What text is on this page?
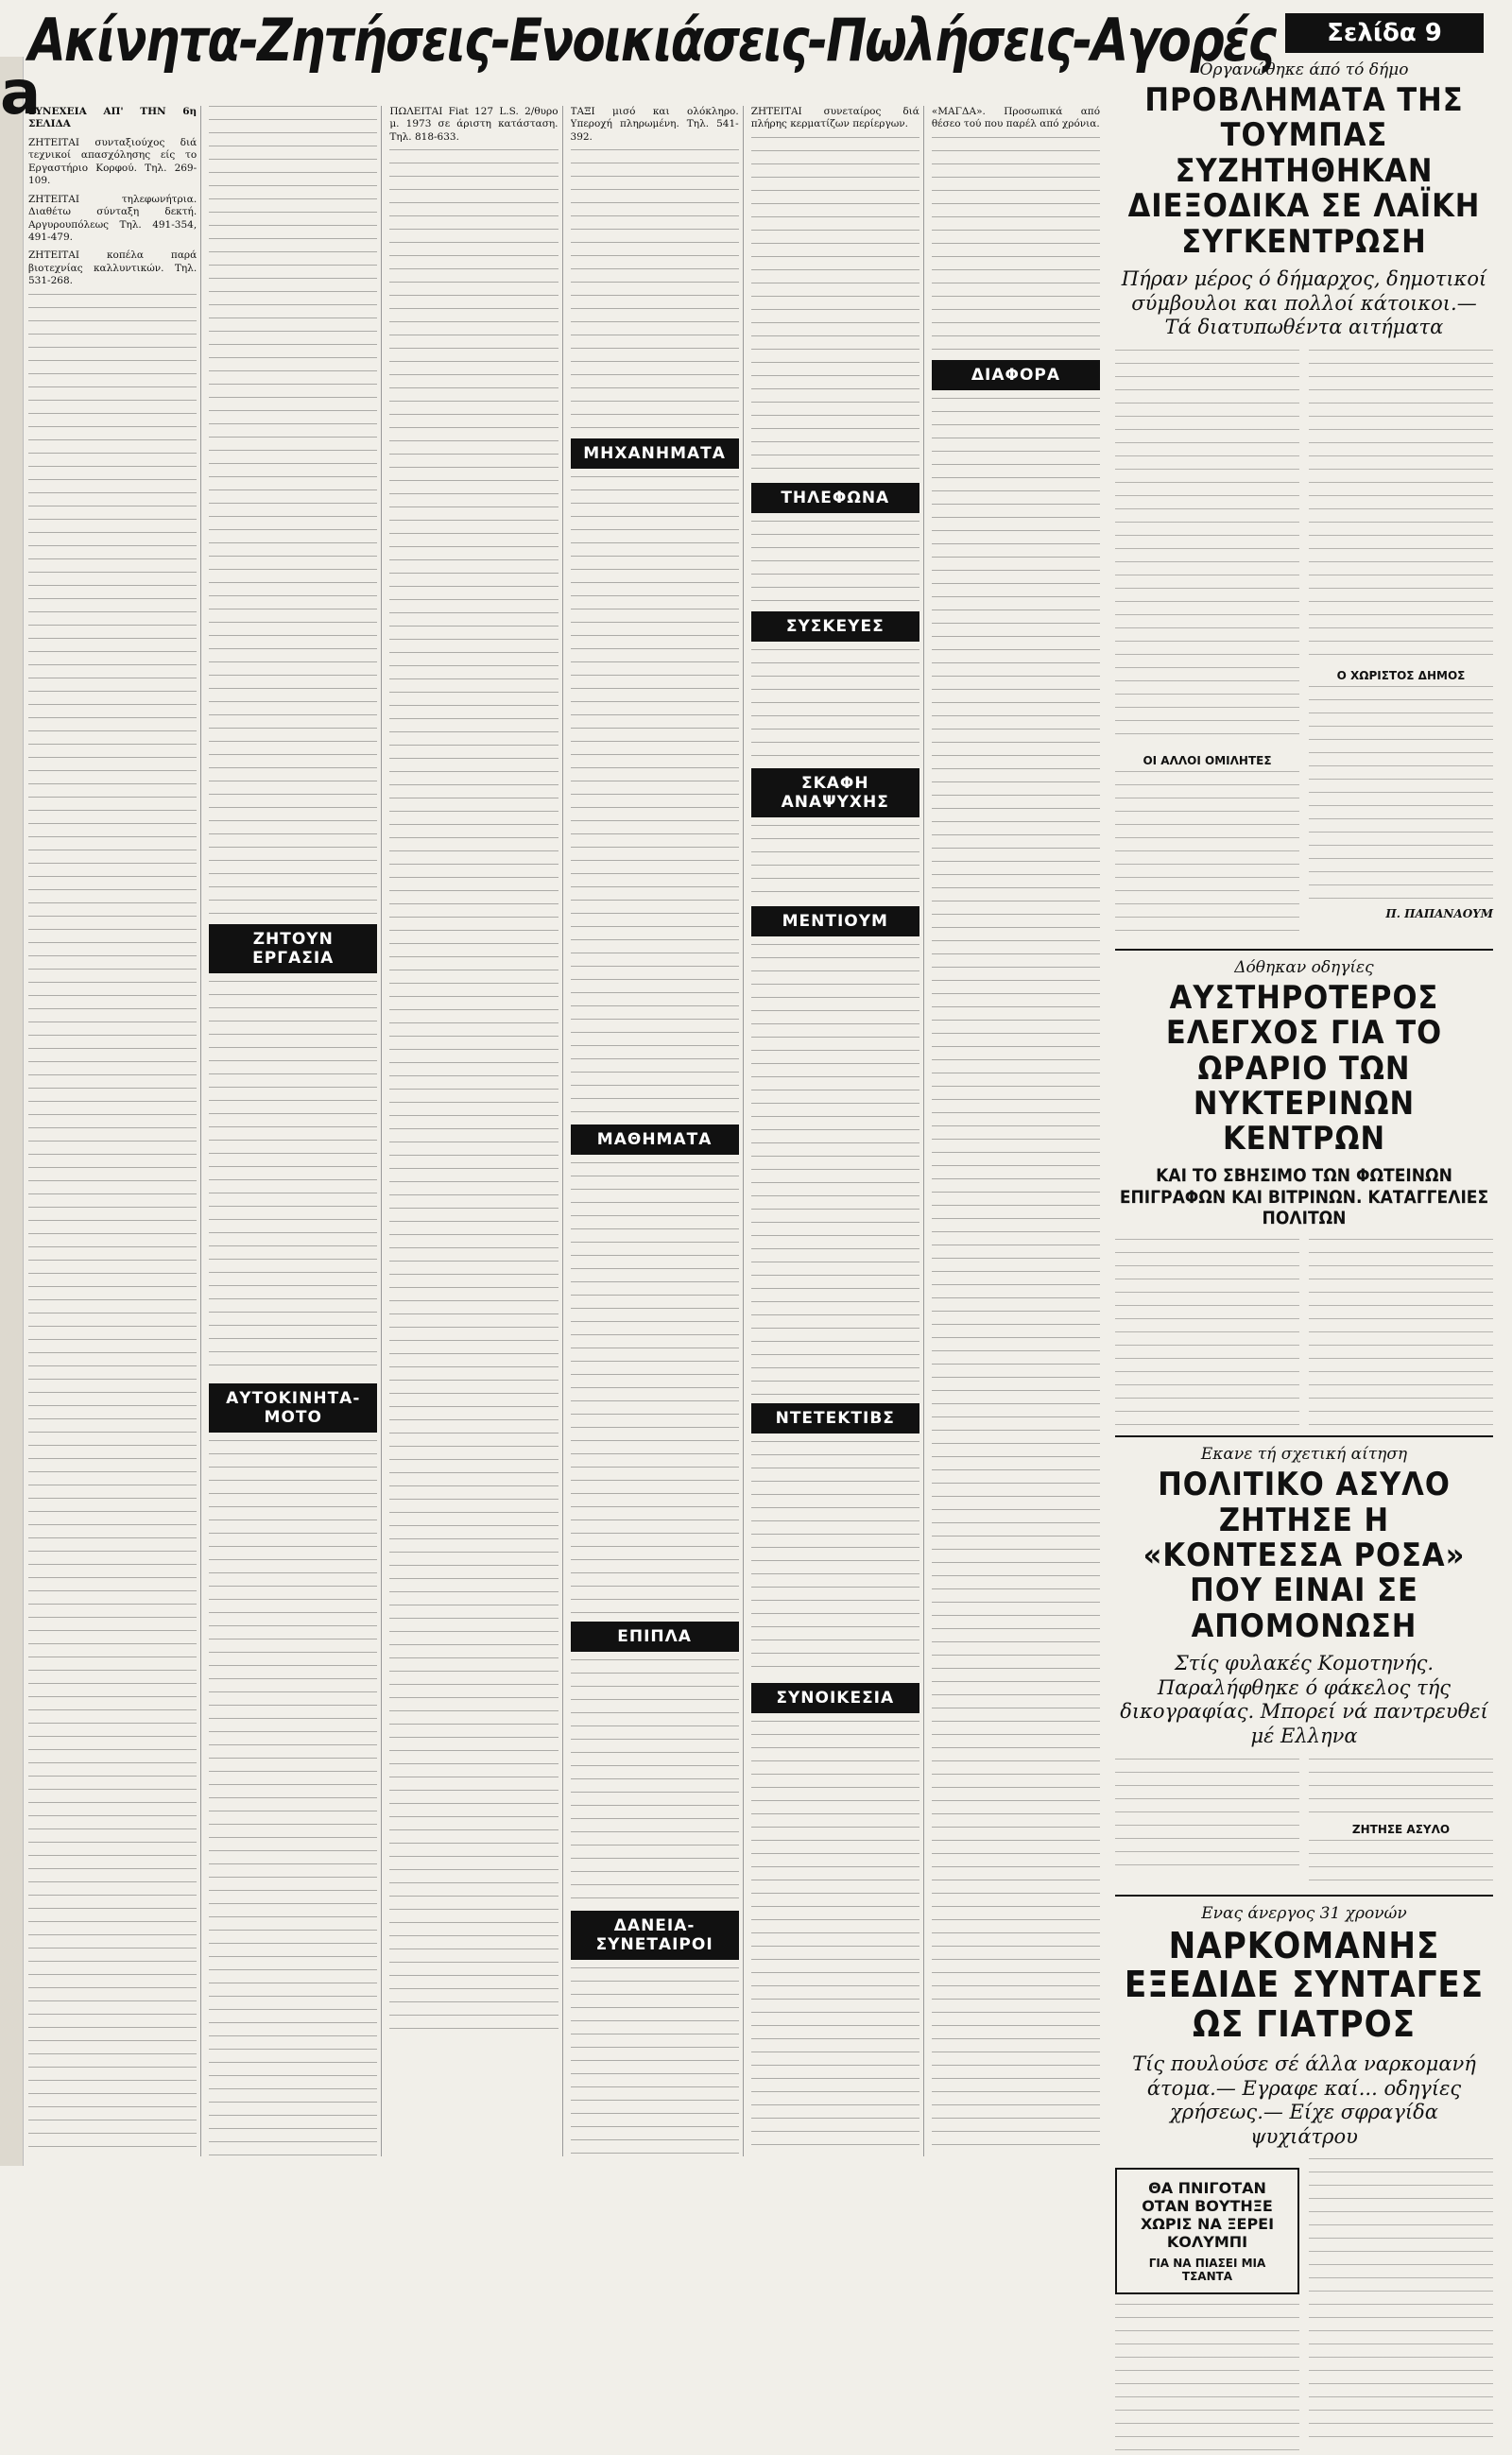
a
Ακίνητα-Ζητήσεις-Ενοικιάσεις-Πωλήσεις-Αγορές	Σελίδα 9

ΣΥΝΕΧΕΙΑ ΑΠ' ΤΗΝ 6η ΣΕΛΙΔΑ

ΖΗΤΕΙΤΑΙ συνταξιούχος διά τεχνικοί απασχόλησης είς το Εργαστήριο Κορφού. Τηλ. 269-109.

ΖΗΤΕΙΤΑΙ τηλεφωνήτρια. Διαθέτω σύνταξη δεκτή. Αργυρουπόλεως Τηλ. 491-354, 491-479.

ΖΗΤΕΙΤΑΙ κοπέλα παρά βιοτεχνίας καλλυντικών. Τηλ. 531-268.

ΖΗΤΟΥΝ ΕΡΓΑΣΙΑ
ΑΥΤΟΚΙΝΗΤΑ-ΜΟΤΟ

ΠΩΛΕΙΤΑΙ Fiat 127 L.S. 2/θυρο μ. 1973 σε άριστη κατάσταση. Τηλ. 818-633.

ΤΑΞΙ μισό και ολόκληρο. Υπεροχή πληρωμένη. Τηλ. 541-392.

ΜΗΧΑΝΗΜΑΤΑ
ΜΑΘΗΜΑΤΑ
ΕΠΙΠΛΑ
ΔΑΝΕΙΑ-ΣΥΝΕΤΑΙΡΟΙ

ΖΗΤΕΙΤΑΙ συνεταίρος διά πλήρης κερματίζων περίεργων.

ΤΗΛΕΦΩΝΑ
ΣΥΣΚΕΥΕΣ
ΣΚΑΦΗ ΑΝΑΨΥΧΗΣ
ΜΕΝΤΙΟΥΜ
ΝΤΕΤΕΚΤΙΒΣ
ΣΥΝΟΙΚΕΣΙΑ

«ΜΑΓΔΑ». Προσωπικά από θέσεο τού που παρέλ από χρόνια.

ΔΙΑΦΟΡΑ
Οργανώθηκε άπό τό δήμο
ΠΡΟΒΛΗΜΑΤΑ ΤΗΣ ΤΟΥΜΠΑΣ ΣΥΖΗΤΗΘΗΚΑΝ ΔΙΕΞΟΔΙΚΑ ΣΕ ΛΑΪΚΗ ΣΥΓΚΕΝΤΡΩΣΗ
Πήραν μέρος ό δήμαρχος, δημοτικοί σύμβουλοι και πολλοί κάτοικοι.— Τά διατυπωθέντα αιτήματα
ΟΙ ΑΛΛΟΙ ΟΜΙΛΗΤΕΣ
Ο ΧΩΡΙΣΤΟΣ ΔΗΜΟΣ
Π. ΠΑΠΑΝΑΟΥΜ
Δόθηκαν οδηγίες
ΑΥΣΤΗΡΟΤΕΡΟΣ ΕΛΕΓΧΟΣ ΓΙΑ ΤΟ ΩΡΑΡΙΟ ΤΩΝ ΝΥΚΤΕΡΙΝΩΝ ΚΕΝΤΡΩΝ
ΚΑΙ ΤΟ ΣΒΗΣΙΜΟ ΤΩΝ ΦΩΤΕΙΝΩΝ ΕΠΙΓΡΑΦΩΝ ΚΑΙ ΒΙΤΡΙΝΩΝ. ΚΑΤΑΓΓΕΛΙΕΣ ΠΟΛΙΤΩΝ
Εκανε τή σχετική αίτηση
ΠΟΛΙΤΙΚΟ ΑΣΥΛΟ ΖΗΤΗΣΕ Η «ΚΟΝΤΕΣΣΑ ΡΟΣΑ» ΠΟΥ ΕΙΝΑΙ ΣΕ ΑΠΟΜΟΝΩΣΗ
Στίς φυλακές Κομοτηνής. Παραλήφθηκε ό φάκελος τής δικογραφίας. Μπορεί νά παντρευθεί μέ Ελληνα
ΖΗΤΗΣΕ ΑΣΥΛΟ
Ενας άνεργος 31 χρονών
ΝΑΡΚΟΜΑΝΗΣ ΕΞΕΔΙΔΕ ΣΥΝΤΑΓΕΣ ΩΣ ΓΙΑΤΡΟΣ
Τίς πουλούσε σέ άλλα ναρκομανή άτομα.— Εγραφε καί... οδηγίες χρήσεως.— Είχε σφραγίδα ψυχιάτρου
ΘΑ ΠΝΙΓΟΤΑΝ ΟΤΑΝ ΒΟΥΤΗΞΕ ΧΩΡΙΣ ΝΑ ΞΕΡΕΙ ΚΟΛΥΜΠΙ
ΓΙΑ ΝΑ ΠΙΑΣΕΙ ΜΙΑ ΤΣΑΝΤΑ
